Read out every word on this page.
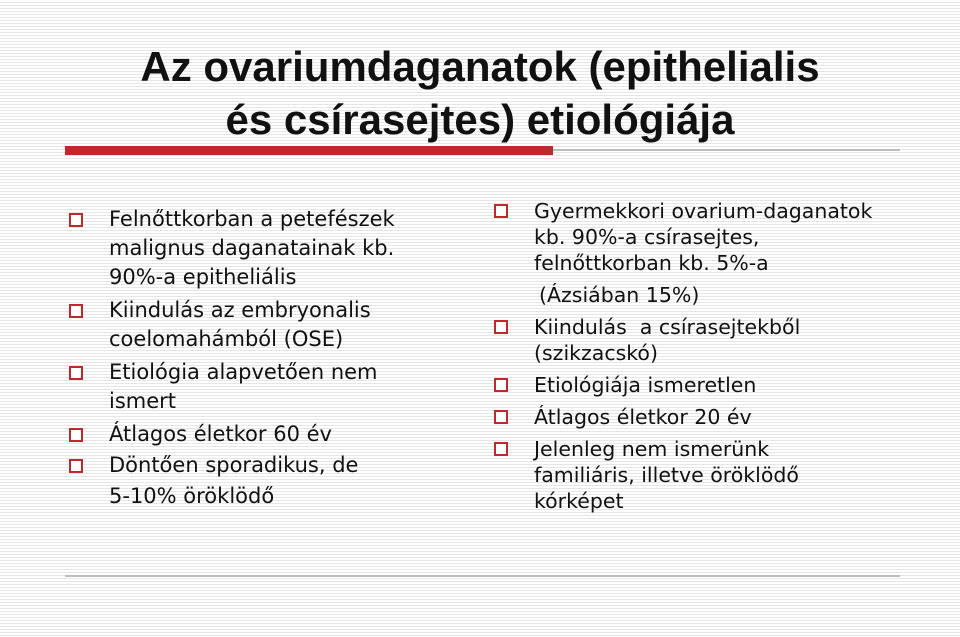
Az ovariumdaganatok (epithelialis
és csírasejtes) etiológiája
Felnőttkorban a petefészek
malignus daganatainak kb.
90%-a epitheliális
Kiindulás az embryonalis
coelomahámból (OSE)
Etiológia alapvetően nem
ismert
Átlagos életkor 60 év
Döntően sporadikus, de
5-10% öröklödő
Gyermekkori ovarium-daganatok
kb. 90%-a csírasejtes,
felnőttkorban kb. 5%-a
(Ázsiában 15%)
Kiindulás  a csírasejtekből
(szikzacskó)
Etiológiája ismeretlen
Átlagos életkor 20 év
Jelenleg nem ismerünk
familiáris, illetve öröklödő
kórképet
